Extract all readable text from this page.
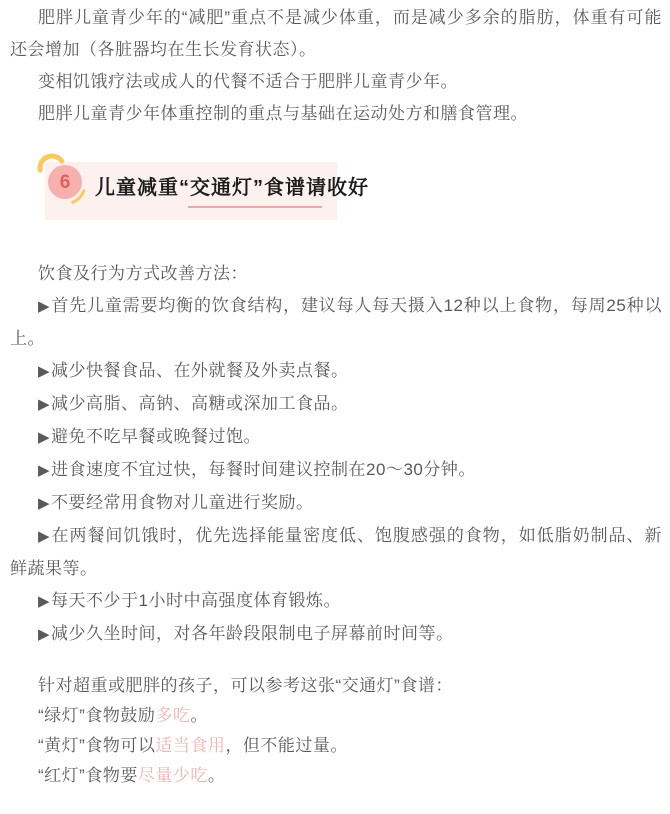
肥胖儿童青少年的“减肥”重点不是减少体重，而是减少多余的脂肪，体重有可能还会增加（各脏器均在生长发育状态）。

变相饥饿疗法或成人的代餐不适合于肥胖儿童青少年。

肥胖儿童青少年体重控制的重点与基础在运动处方和膳食管理。

6 儿童减重“交通灯”食谱请收好

饮食及行为方式改善方法：

▶首先儿童需要均衡的饮食结构，建议每人每天摄入12种以上食物，每周25种以上。

▶减少快餐食品、在外就餐及外卖点餐。

▶减少高脂、高钠、高糖或深加工食品。

▶避免不吃早餐或晚餐过饱。

▶进食速度不宜过快，每餐时间建议控制在20～30分钟。

▶不要经常用食物对儿童进行奖励。

▶在两餐间饥饿时，优先选择能量密度低、饱腹感强的食物，如低脂奶制品、新鲜蔬果等。

▶每天不少于1小时中高强度体育锻炼。

▶减少久坐时间，对各年龄段限制电子屏幕前时间等。

针对超重或肥胖的孩子，可以参考这张“交通灯”食谱：

“绿灯”食物鼓励多吃。

“黄灯”食物可以适当食用，但不能过量。

“红灯”食物要尽量少吃。
